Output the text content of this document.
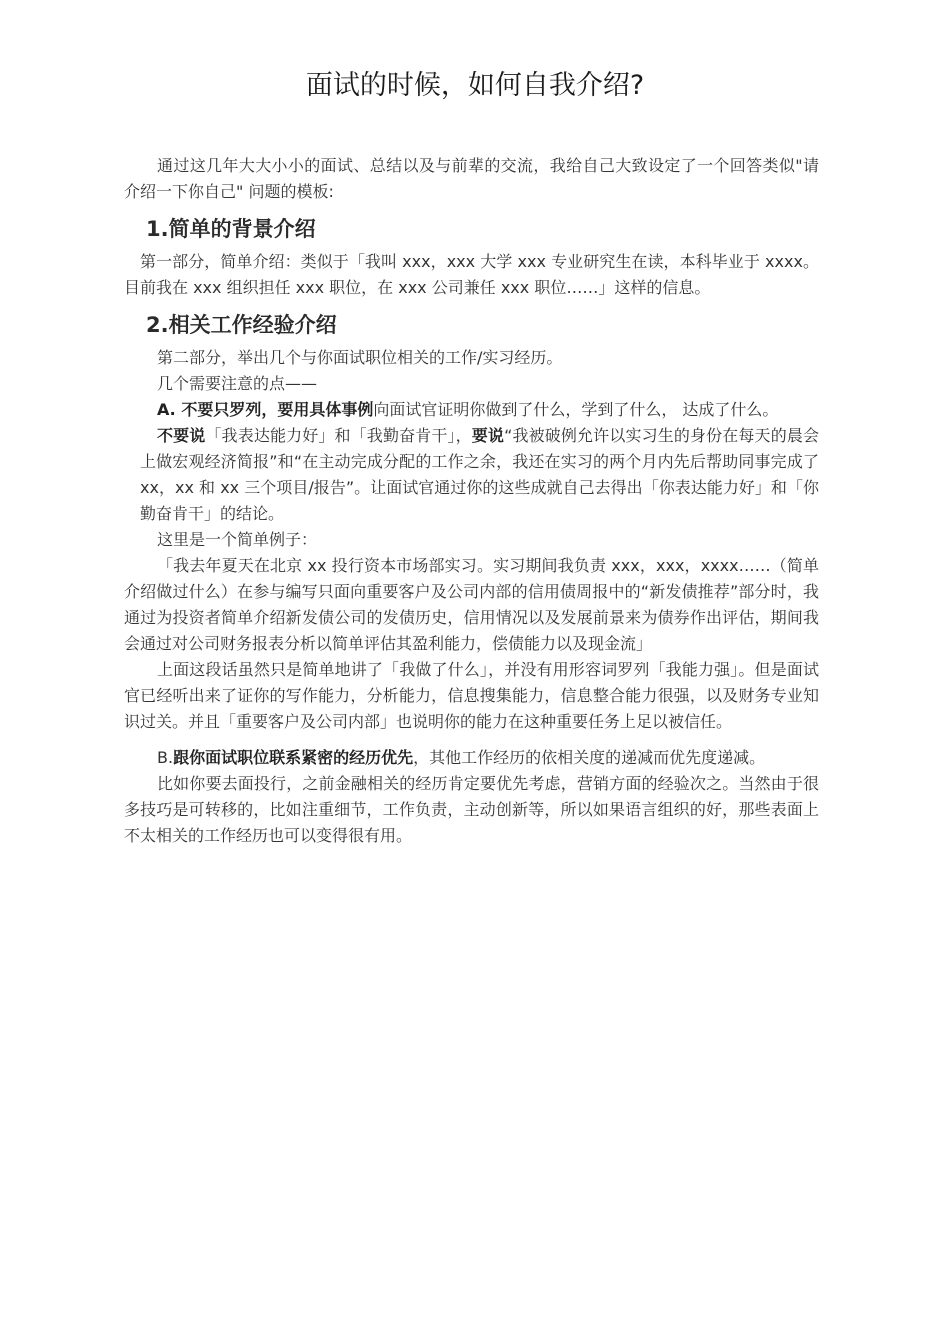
面试的时候，如何自我介绍?

通过这几年大大小小的面试、总结以及与前辈的交流，我给自己大致设定了一个回答类似"请介绍一下你自己" 问题的模板:

1.简单的背景介绍

第一部分，简单介绍：类似于「我叫 xxx，xxx 大学 xxx 专业研究生在读，本科毕业于 xxxx。目前我在 xxx 组织担任 xxx 职位，在 xxx 公司兼任 xxx 职位……」这样的信息。

2.相关工作经验介绍

第二部分，举出几个与你面试职位相关的工作/实习经历。

几个需要注意的点——

A. 不要只罗列，要用具体事例向面试官证明你做到了什么，学到了什么， 达成了什么。

不要说「我表达能力好」和「我勤奋肯干」，要说“我被破例允许以实习生的身份在每天的晨会上做宏观经济简报”和“在主动完成分配的工作之余，我还在实习的两个月内先后帮助同事完成了 xx，xx 和 xx 三个项目/报告”。让面试官通过你的这些成就自己去得出「你表达能力好」和「你勤奋肯干」的结论。

这里是一个简单例子：

「我去年夏天在北京 xx 投行资本市场部实习。实习期间我负责 xxx，xxx，xxxx……（简单介绍做过什么）在参与编写只面向重要客户及公司内部的信用债周报中的“新发债推荐”部分时，我通过为投资者简单介绍新发债公司的发债历史，信用情况以及发展前景来为债券作出评估，期间我会通过对公司财务报表分析以简单评估其盈利能力，偿债能力以及现金流」

上面这段话虽然只是简单地讲了「我做了什么」，并没有用形容词罗列「我能力强」。但是面试官已经听出来了证你的写作能力，分析能力，信息搜集能力，信息整合能力很强，以及财务专业知识过关。并且「重要客户及公司内部」也说明你的能力在这种重要任务上足以被信任。

B.跟你面试职位联系紧密的经历优先，其他工作经历的依相关度的递减而优先度递减。

比如你要去面投行，之前金融相关的经历肯定要优先考虑，营销方面的经验次之。当然由于很多技巧是可转移的，比如注重细节，工作负责，主动创新等，所以如果语言组织的好，那些表面上不太相关的工作经历也可以变得很有用。
